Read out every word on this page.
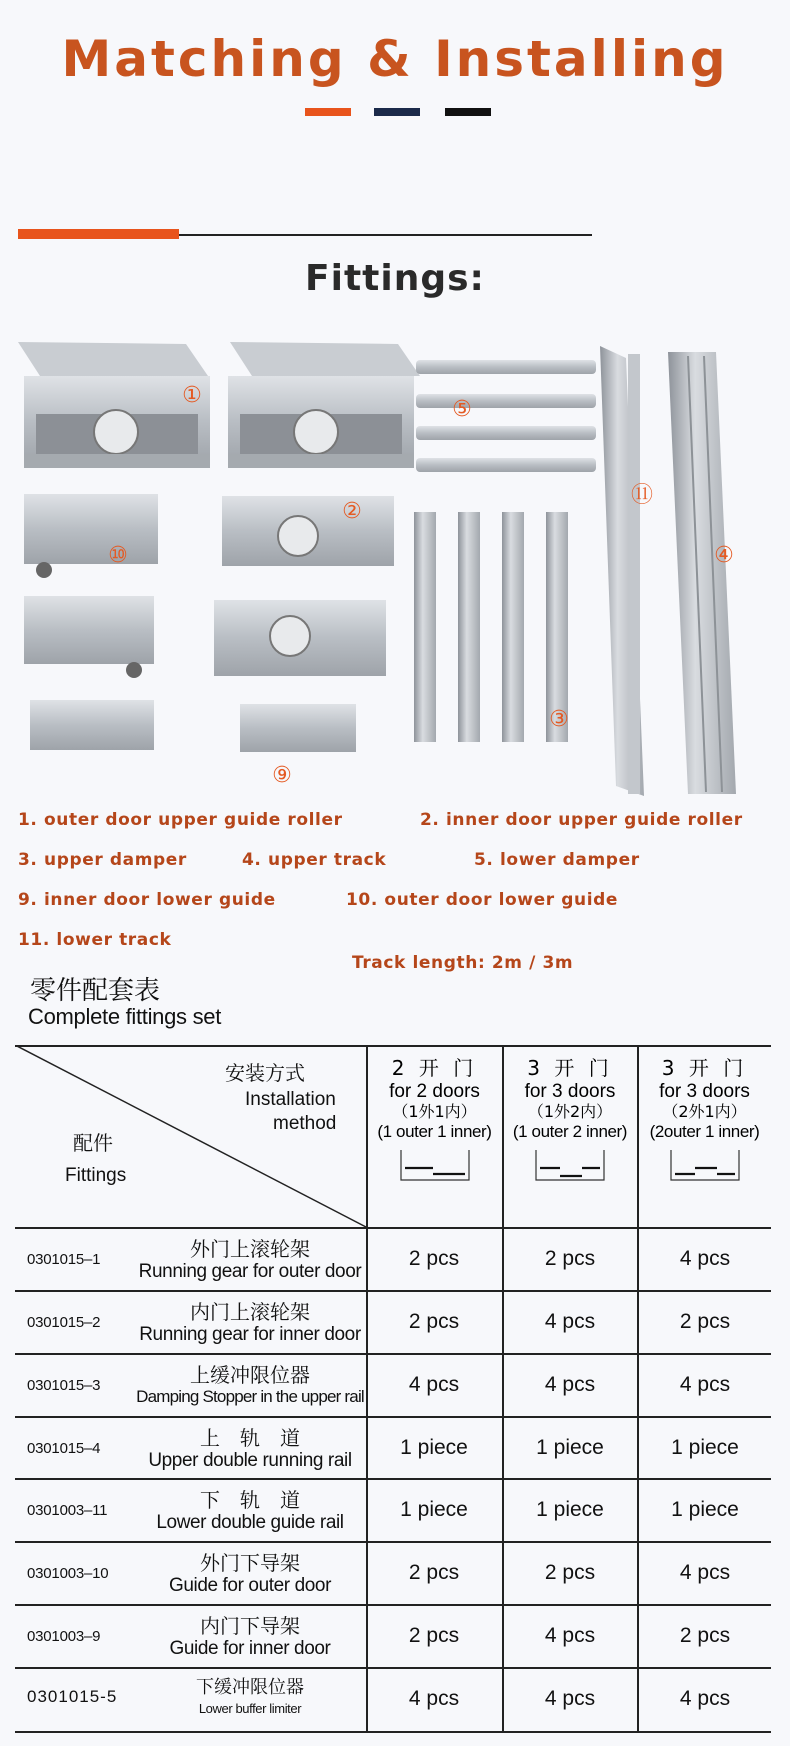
Matching & Installing
Fittings:
①
②
③
④
⑤
⑨
⑩
⑪
1. outer door upper guide roller	2. inner door upper guide roller
3. upper damper	4. upper track	5. lower damper
9. inner door lower guide	10. outer door lower guide
11. lower track
Track length: 2m / 3m
零件配套表
Complete fittings set
安装方式
Installation
method
配件
Fittings
2 开 门
for 2 doors
（1外1内）
(1 outer 1 inner)
3 开 门
for 3 doors
（1外2内）
(1 outer 2 inner)
3 开 门
for 3 doors
（2外1内）
(2outer 1 inner)
0301015–1	外门上滚轮架
Running gear for outer door
2 pcs	2 pcs	4 pcs
0301015–2	内门上滚轮架
Running gear for inner door
2 pcs	4 pcs	2 pcs
0301015–3	上缓冲限位器
Damping Stopper in the upper rail
4 pcs	4 pcs	4 pcs
0301015–4	上　轨　道
Upper double running rail
1 piece	1 piece	1 piece
0301003–11	下　轨　道
Lower double guide rail
1 piece	1 piece	1 piece
0301003–10	外门下导架
Guide for outer door
2 pcs	2 pcs	4 pcs
0301003–9	内门下导架
Guide for inner door
2 pcs	4 pcs	2 pcs
0301015-5	下缓冲限位器
Lower buffer limiter	4 pcs	4 pcs	4 pcs
